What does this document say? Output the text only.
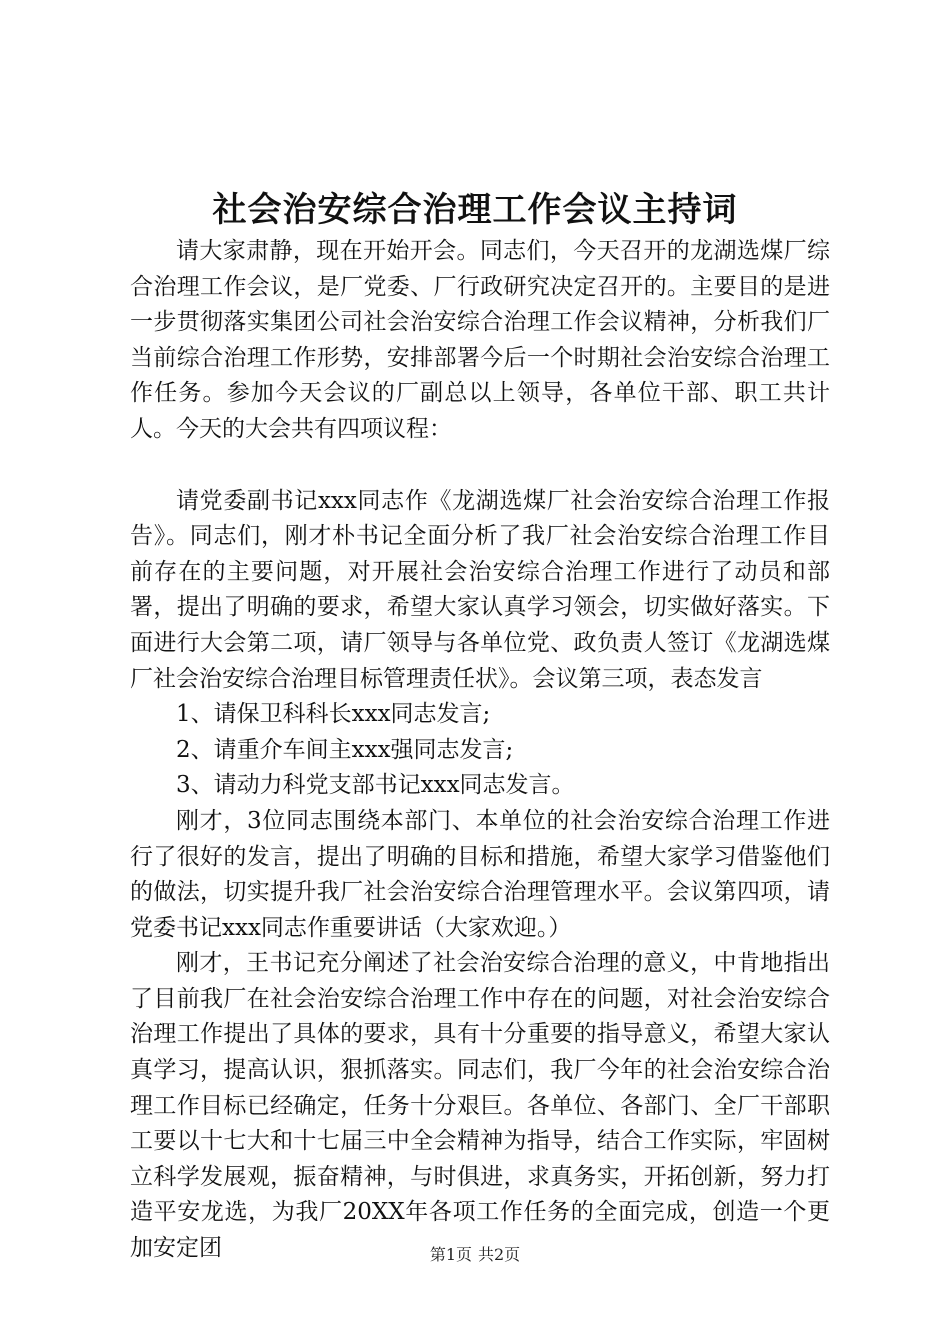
社会治安综合治理工作会议主持词

请大家肃静，现在开始开会。同志们，今天召开的龙湖选煤厂综合治理工作会议，是厂党委、厂行政研究决定召开的。主要目的是进一步贯彻落实集团公司社会治安综合治理工作会议精神，分析我们厂当前综合治理工作形势，安排部署今后一个时期社会治安综合治理工作任务。参加今天会议的厂副总以上领导，各单位干部、职工共计人。今天的大会共有四项议程：

请党委副书记xxx同志作《龙湖选煤厂社会治安综合治理工作报告》。同志们，刚才朴书记全面分析了我厂社会治安综合治理工作目前存在的主要问题，对开展社会治安综合治理工作进行了动员和部署，提出了明确的要求，希望大家认真学习领会，切实做好落实。下面进行大会第二项，请厂领导与各单位党、政负责人签订《龙湖选煤厂社会治安综合治理目标管理责任状》。会议第三项，表态发言

1、请保卫科科长xxx同志发言;

2、请重介车间主xxx强同志发言;

3、请动力科党支部书记xxx同志发言。

刚才，3位同志围绕本部门、本单位的社会治安综合治理工作进行了很好的发言，提出了明确的目标和措施，希望大家学习借鉴他们的做法，切实提升我厂社会治安综合治理管理水平。会议第四项，请党委书记xxx同志作重要讲话（大家欢迎。）

刚才，王书记充分阐述了社会治安综合治理的意义，中肯地指出了目前我厂在社会治安综合治理工作中存在的问题，对社会治安综合治理工作提出了具体的要求，具有十分重要的指导意义，希望大家认真学习，提高认识，狠抓落实。同志们，我厂今年的社会治安综合治理工作目标已经确定，任务十分艰巨。各单位、各部门、全厂干部职工要以十七大和十七届三中全会精神为指导，结合工作实际，牢固树立科学发展观，振奋精神，与时俱进，求真务实，开拓创新，努力打造平安龙选，为我厂20XX年各项工作任务的全面完成，创造一个更加安定团	第1页 共2页
